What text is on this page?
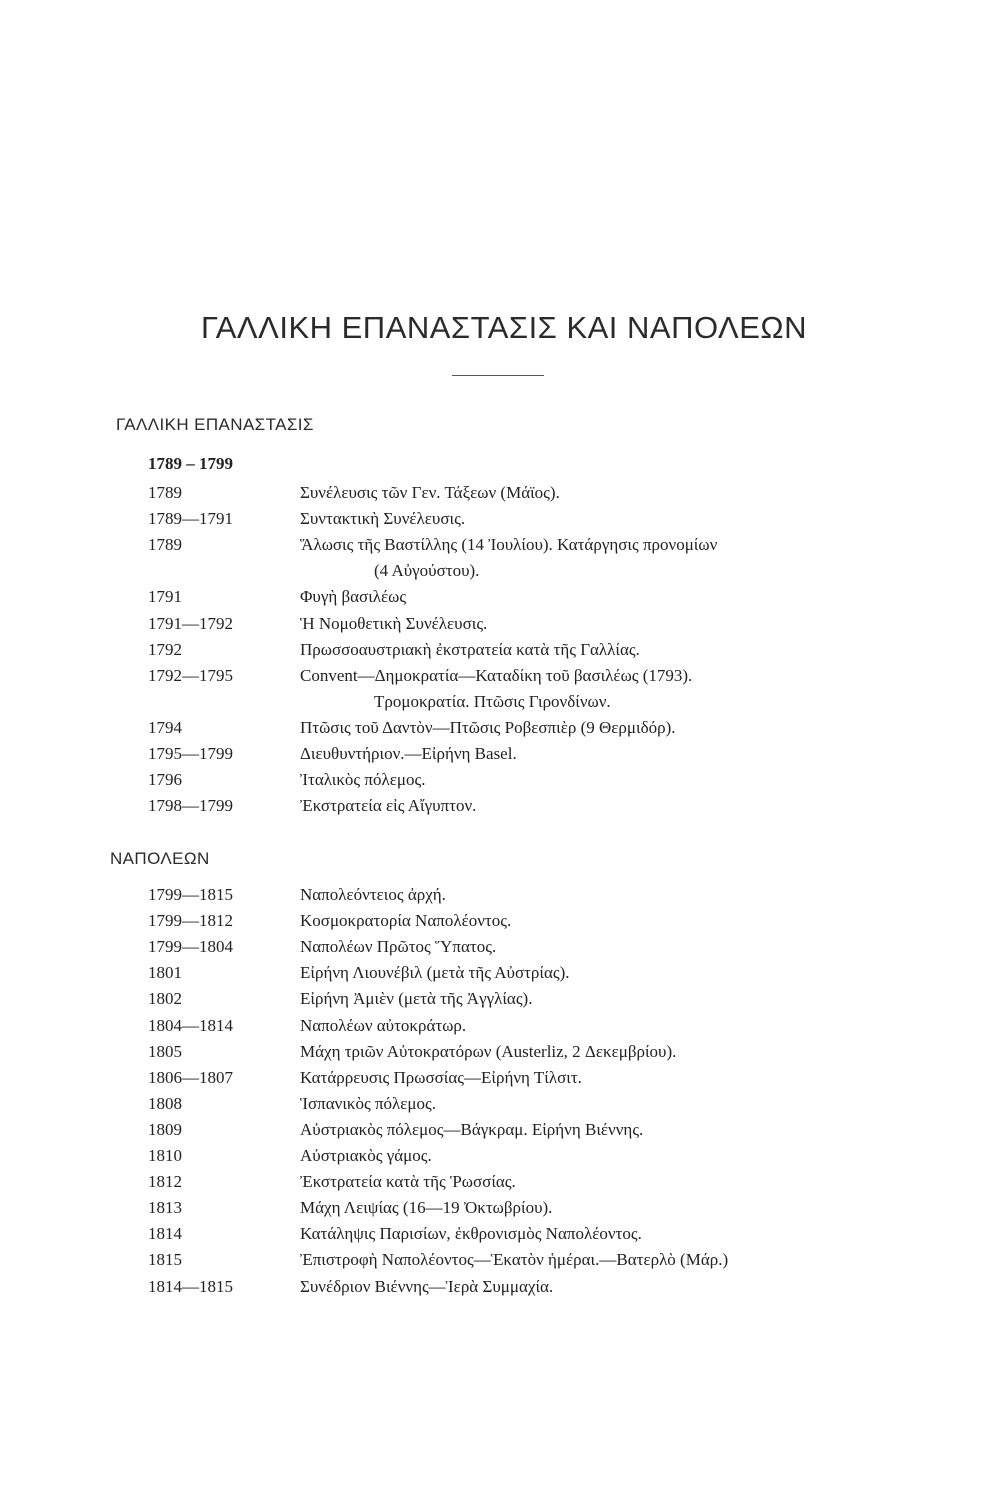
ΓΑΛΛΙΚΗ ΕΠΑΝΑΣΤΑΣΙΣ ΚΑΙ ΝΑΠΟΛΕΩΝ
ΓΑΛΛΙΚΗ ΕΠΑΝΑΣΤΑΣΙΣ
1789 – 1799
1789	Συνέλευσις τῶν Γεν. Τάξεων (Μάϊος).
1789—1791	Συντακτικὴ Συνέλευσις.
1789	Ἅλωσις τῆς Βαστίλλης (14 Ἰουλίου). Κατάργησις προνομίων
(4 Αὐγούστου).
1791	Φυγὴ βασιλέως
1791—1792	Ἡ Νομοθετικὴ Συνέλευσις.
1792	Πρωσσοαυστριακὴ ἐκστρατεία κατὰ τῆς Γαλλίας.
1792—1795	Convent—Δημοκρατία—Καταδίκη τοῦ βασιλέως (1793).
Τρομοκρατία. Πτῶσις Γιρονδίνων.
1794	Πτῶσις τοῦ Δαντὸν—Πτῶσις Ροβεσπιὲρ (9 Θερμιδόρ).
1795—1799	Διευθυντήριον.—Εἰρήνη Basel.
1796	Ἰταλικὸς πόλεμος.
1798—1799	Ἐκστρατεία εἰς Αἴγυπτον.
ΝΑΠΟΛΕΩΝ
1799—1815	Ναπολεόντειος ἀρχή.
1799—1812	Κοσμοκρατορία Ναπολέοντος.
1799—1804	Ναπολέων Πρῶτος Ὕπατος.
1801	Εἰρήνη Λιουνέβιλ (μετὰ τῆς Αὐστρίας).
1802	Εἰρήνη Ἀμιὲν (μετὰ τῆς Ἀγγλίας).
1804—1814	Ναπολέων αὐτοκράτωρ.
1805	Μάχη τριῶν Αὐτοκρατόρων (Austerliz, 2 Δεκεμβρίου).
1806—1807	Κατάρρευσις Πρωσσίας—Εἰρήνη Τίλσιτ.
1808	Ἱσπανικὸς πόλεμος.
1809	Αὐστριακὸς πόλεμος—Βάγκραμ. Εἰρήνη Βιέννης.
1810	Αὐστριακὸς γάμος.
1812	Ἐκστρατεία κατὰ τῆς Ῥωσσίας.
1813	Μάχη Λειψίας (16—19 Ὀκτωβρίου).
1814	Κατάληψις Παρισίων, ἐκθρονισμὸς Ναπολέοντος.
1815	Ἐπιστροφὴ Ναπολέοντος—Ἑκατὸν ἡμέραι.—Βατερλὸ (Μάρ.)
1814—1815	Συνέδριον Βιέννης—Ἱερὰ Συμμαχία.
